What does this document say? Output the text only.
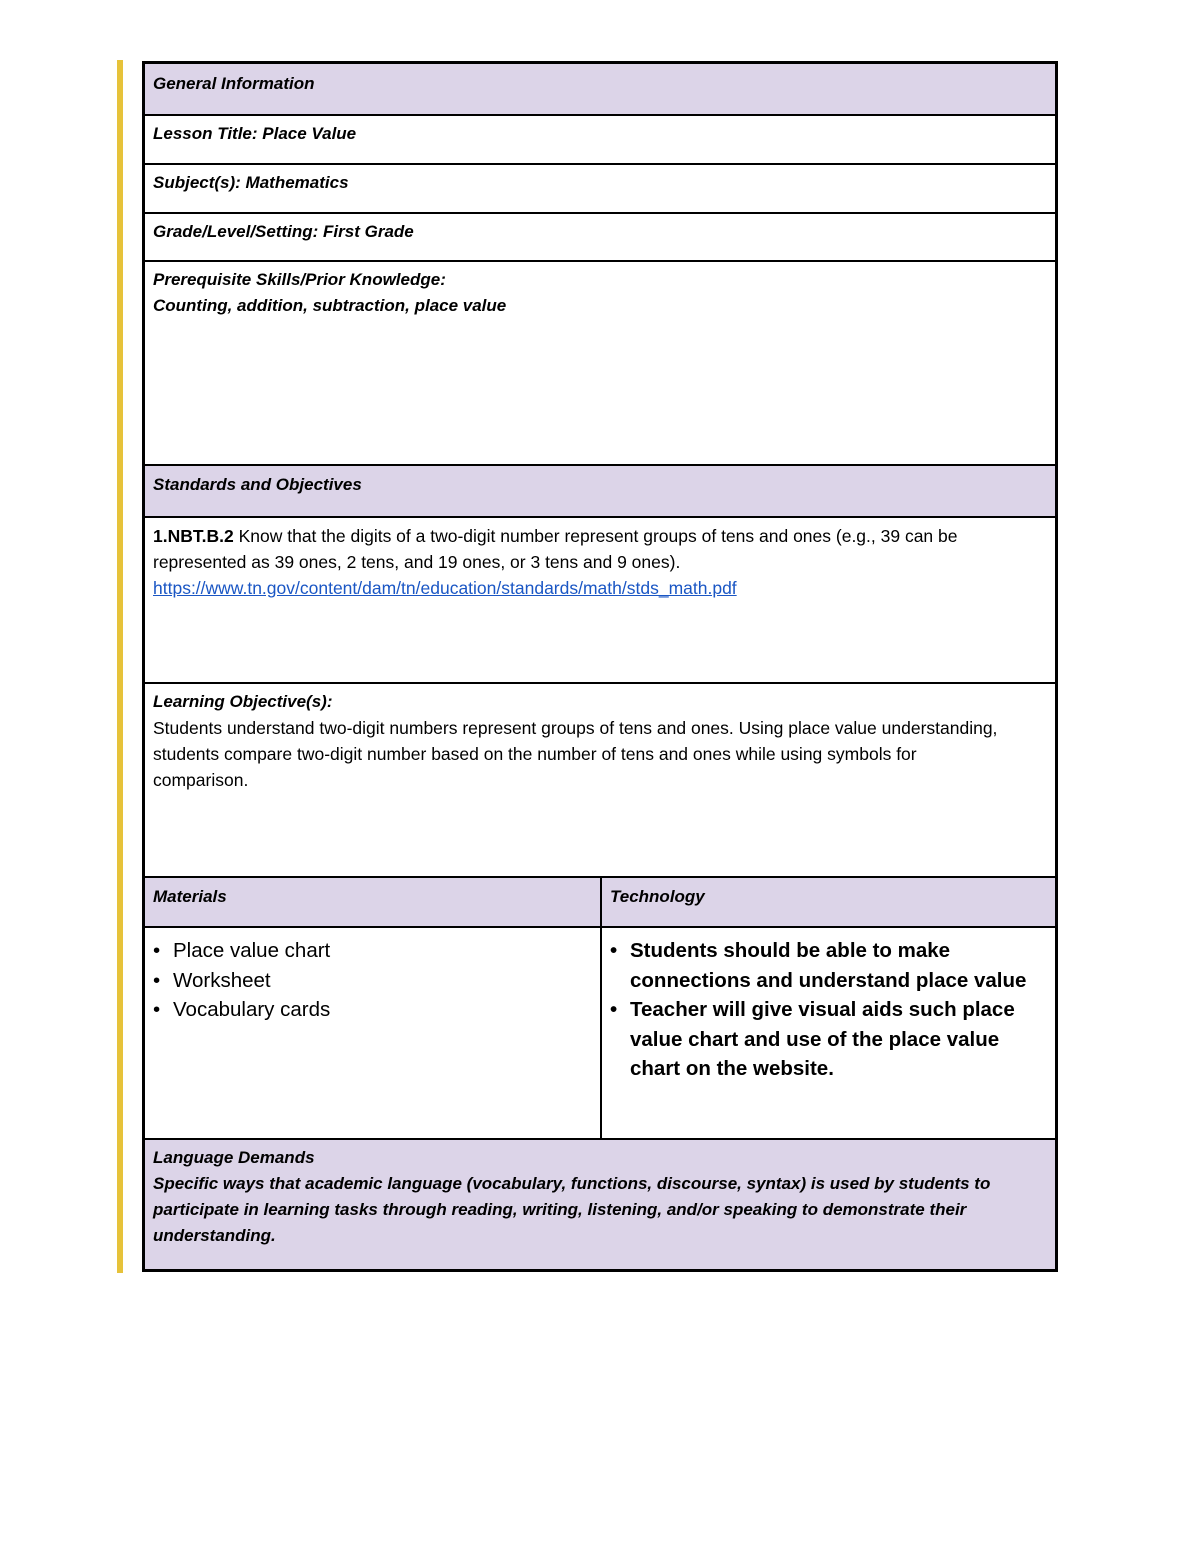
General Information
Lesson Title: Place Value
Subject(s): Mathematics
Grade/Level/Setting: First Grade
Prerequisite Skills/Prior Knowledge:
Counting, addition, subtraction, place value
Standards and Objectives
1.NBT.B.2 Know that the digits of a two-digit number represent groups of tens and ones (e.g., 39 can be represented as 39 ones, 2 tens, and 19 ones, or 3 tens and 9 ones).
https://www.tn.gov/content/dam/tn/education/standards/math/stds_math.pdf
Learning Objective(s):
Students understand two-digit numbers represent groups of tens and ones. Using place value understanding, students compare two-digit number based on the number of tens and ones while using symbols for comparison.
Materials	Technology
• Place value chart
• Worksheet
• Vocabulary cards
• Students should be able to make connections and understand place value
• Teacher will give visual aids such place value chart and use of the place value chart on the website.
Language Demands
Specific ways that academic language (vocabulary, functions, discourse, syntax) is used by students to participate in learning tasks through reading, writing, listening, and/or speaking to demonstrate their understanding.
